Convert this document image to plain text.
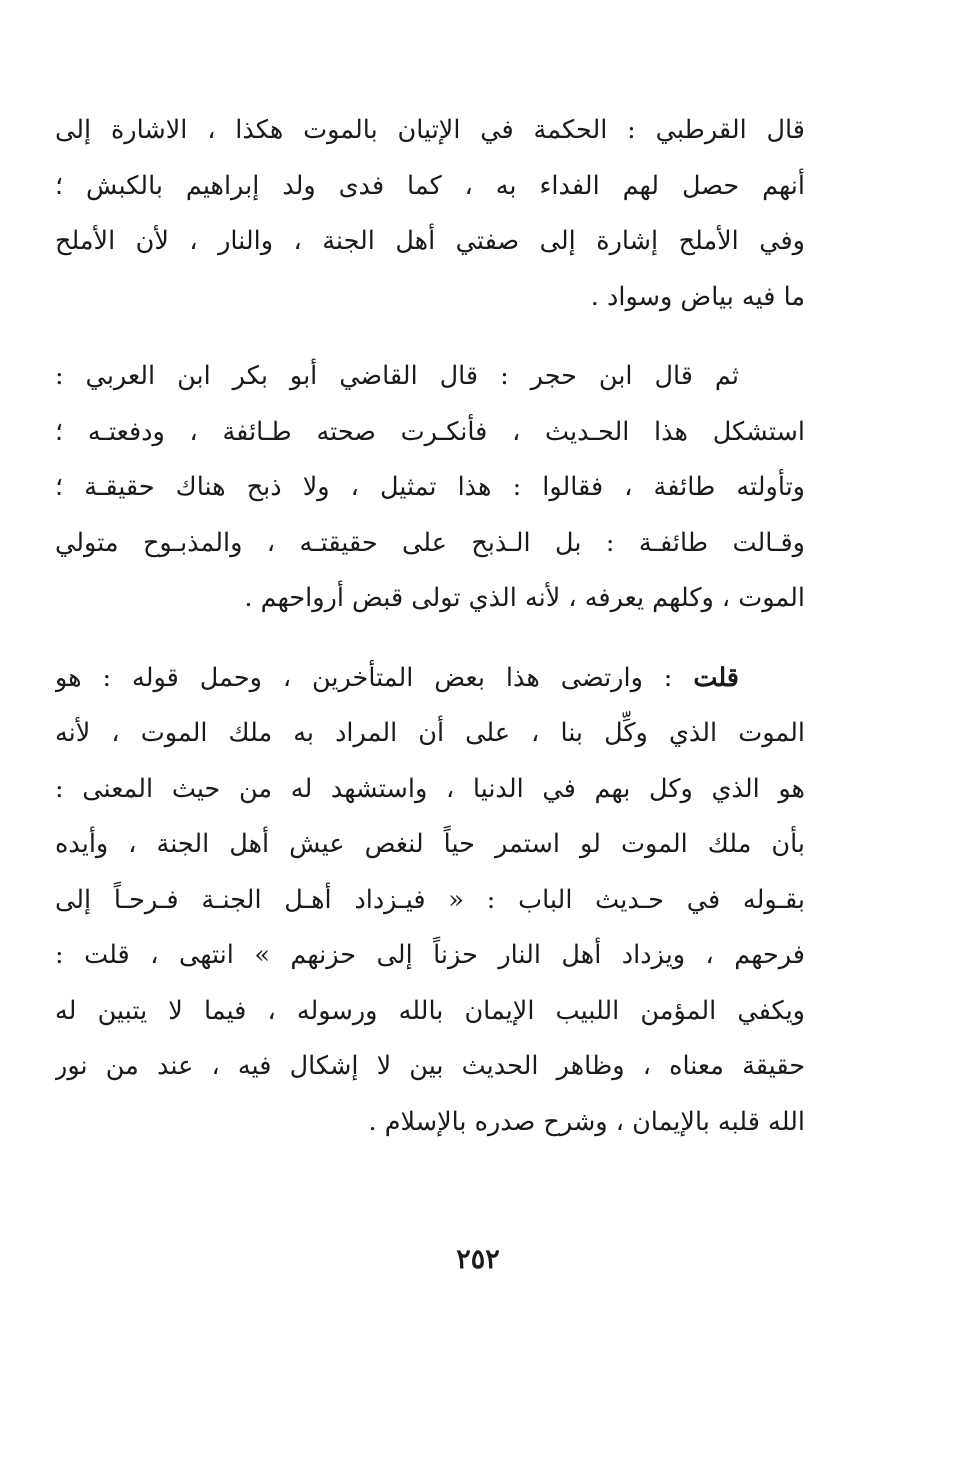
قال القرطبي : الحكمة في الإتيان بالموت هكذا ، الاشارة إلى
أنهم حصل لهم الفداء به ، كما فدى ولد إبراهيم بالكبش ؛
وفي الأملح إشارة إلى صفتي أهل الجنة ، والنار ، لأن الأملح
ما فيه بياض وسواد .
ثم قال ابن حجر : قال القاضي أبو بكر ابن العربي :
استشكل هذا الحـديث ، فأنكـرت صحته طـائفة ، ودفعتـه ؛
وتأولته طائفة ، فقالوا : هذا تمثيل ، ولا ذبح هناك حقيقـة ؛
وقـالت طائفـة : بل الـذبح على حقيقتـه ، والمذبـوح متولي
الموت ، وكلهم يعرفه ، لأنه الذي تولى قبض أرواحهم .
قلت : وارتضى هذا بعض المتأخرين ، وحمل قوله : هو
الموت الذي وكِّل بنا ، على أن المراد به ملك الموت ، لأنه
هو الذي وكل بهم في الدنيا ، واستشهد له من حيث المعنى :
بأن ملك الموت لو استمر حياً لنغص عيش أهل الجنة ، وأيده
بقـوله في حـديث الباب : « فيـزداد أهـل الجنـة فـرحـاً إلى
فرحهم ، ويزداد أهل النار حزناً إلى حزنهم » انتهى ، قلت :
ويكفي المؤمن اللبيب الإيمان بالله ورسوله ، فيما لا يتبين له
حقيقة معناه ، وظاهر الحديث بين لا إشكال فيه ، عند من نور
الله قلبه بالإيمان ، وشرح صدره بالإسلام .
٢٥٢
